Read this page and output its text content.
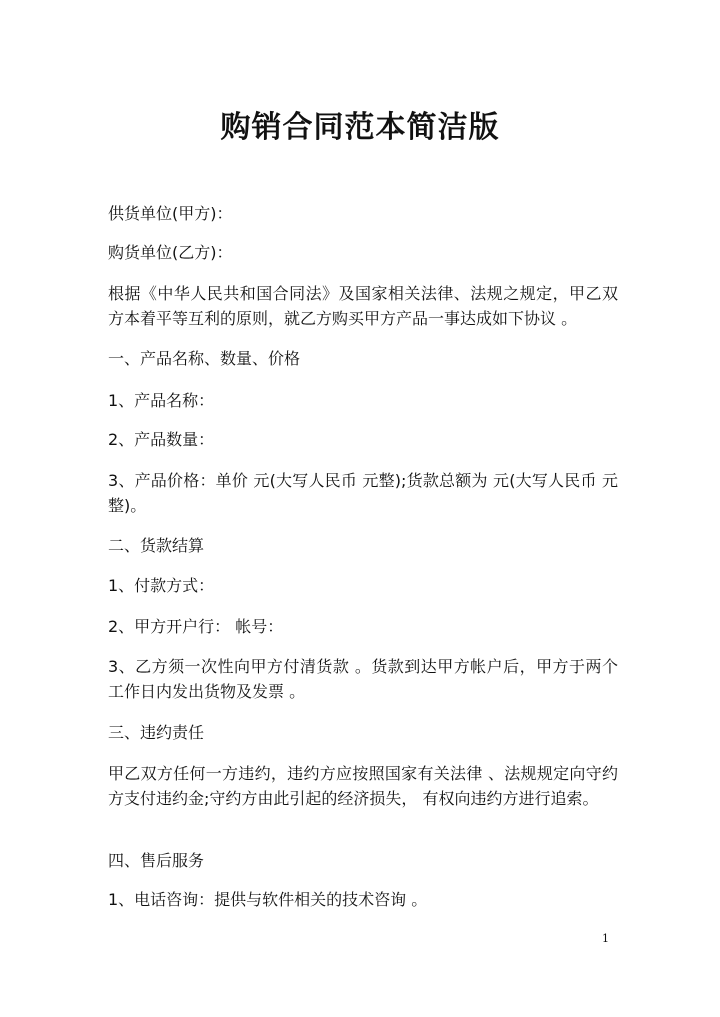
购销合同范本简洁版

供货单位(甲方)：

购货单位(乙方)：

根据《中华人民共和国合同法》及国家相关法律、法规之规定，甲乙双方本着平等互利的原则，就乙方购买甲方产品一事达成如下协议 。

一、产品名称、数量、价格

1、产品名称：

2、产品数量：

3、产品价格：单价 元(大写人民币 元整);货款总额为 元(大写人民币 元整)。

二、货款结算

1、付款方式：

2、甲方开户行： 帐号：

3、乙方须一次性向甲方付清货款 。货款到达甲方帐户后，甲方于两个工作日内发出货物及发票 。

三、违约责任

甲乙双方任何一方违约，违约方应按照国家有关法律 、法规规定向守约方支付违约金;守约方由此引起的经济损失， 有权向违约方进行追索。

四、售后服务

1、电话咨询：提供与软件相关的技术咨询 。

1
